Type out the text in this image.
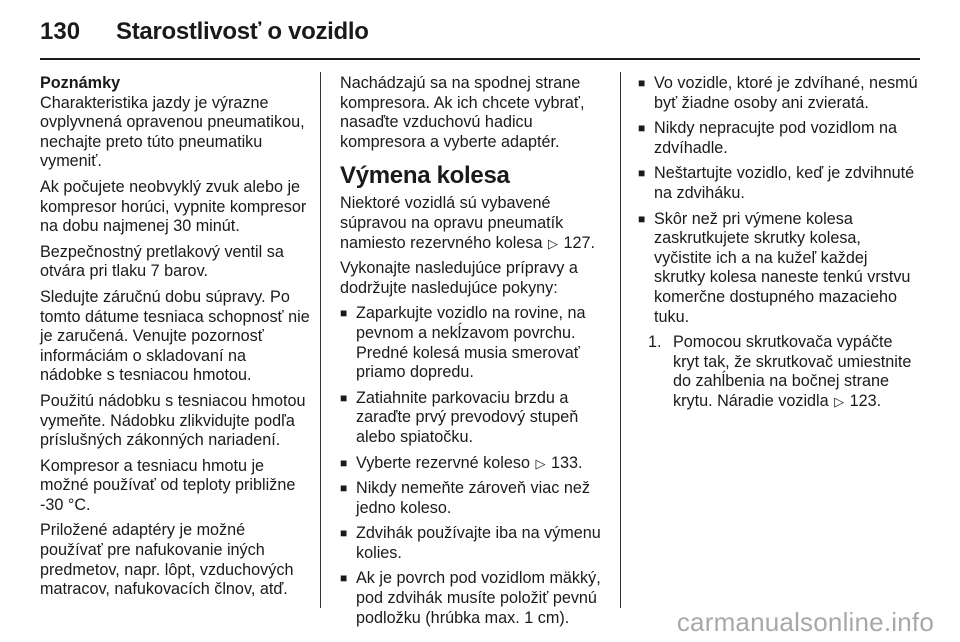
130	Starostlivosť o vozidlo

Poznámky

Charakteristika jazdy je výrazne ovplyvnená opravenou pneumatikou, nechajte preto túto pneumatiku vymeniť.

Ak počujete neobvyklý zvuk alebo je kompresor horúci, vypnite kompresor na dobu najmenej 30 minút.

Bezpečnostný pretlakový ventil sa otvára pri tlaku 7 barov.

Sledujte záručnú dobu súpravy. Po tomto dátume tesniaca schopnosť nie je zaručená. Venujte pozornosť informáciám o skladovaní na nádobke s tesniacou hmotou.

Použitú nádobku s tesniacou hmotou vymeňte. Nádobku zlikvidujte podľa príslušných zákonných nariadení.

Kompresor a tesniacu hmotu je možné používať od teploty približne -30 °C.

Priložené adaptéry je možné používať pre nafukovanie iných predmetov, napr. lôpt, vzduchových matracov, nafukovacích člnov, atď.

Nachádzajú sa na spodnej strane kompresora. Ak ich chcete vybrať, nasaďte vzduchovú hadicu kompresora a vyberte adaptér.

Výmena kolesa

Niektoré vozidlá sú vybavené súpravou na opravu pneumatík namiesto rezervného kolesa ▷ 127.

Vykonajte nasledujúce prípravy a dodržujte nasledujúce pokyny:

■ Zaparkujte vozidlo na rovine, na pevnom a nekĺzavom povrchu. Predné kolesá musia smerovať priamo dopredu.
■ Zatiahnite parkovaciu brzdu a zaraďte prvý prevodový stupeň alebo spiatočku.
■ Vyberte rezervné koleso ▷ 133.
■ Nikdy nemeňte zároveň viac než jedno koleso.
■ Zdvihák používajte iba na výmenu kolies.
■ Ak je povrch pod vozidlom mäkký, pod zdvihák musíte položiť pevnú podložku (hrúbka max. 1 cm).
■ Vo vozidle, ktoré je zdvíhané, nesmú byť žiadne osoby ani zvieratá.
■ Nikdy nepracujte pod vozidlom na zdvíhadle.
■ Neštartujte vozidlo, keď je zdvihnuté na zdviháku.
■ Skôr než pri výmene kolesa zaskrutkujete skrutky kolesa, vyčistite ich a na kužeľ každej skrutky kolesa naneste tenkú vrstvu komerčne dostupného mazacieho tuku.
1. Pomocou skrutkovača vypáčte kryt tak, že skrutkovač umiestnite do zahĺbenia na bočnej strane krytu. Náradie vozidla ▷ 123.
carmanualsonline.info
